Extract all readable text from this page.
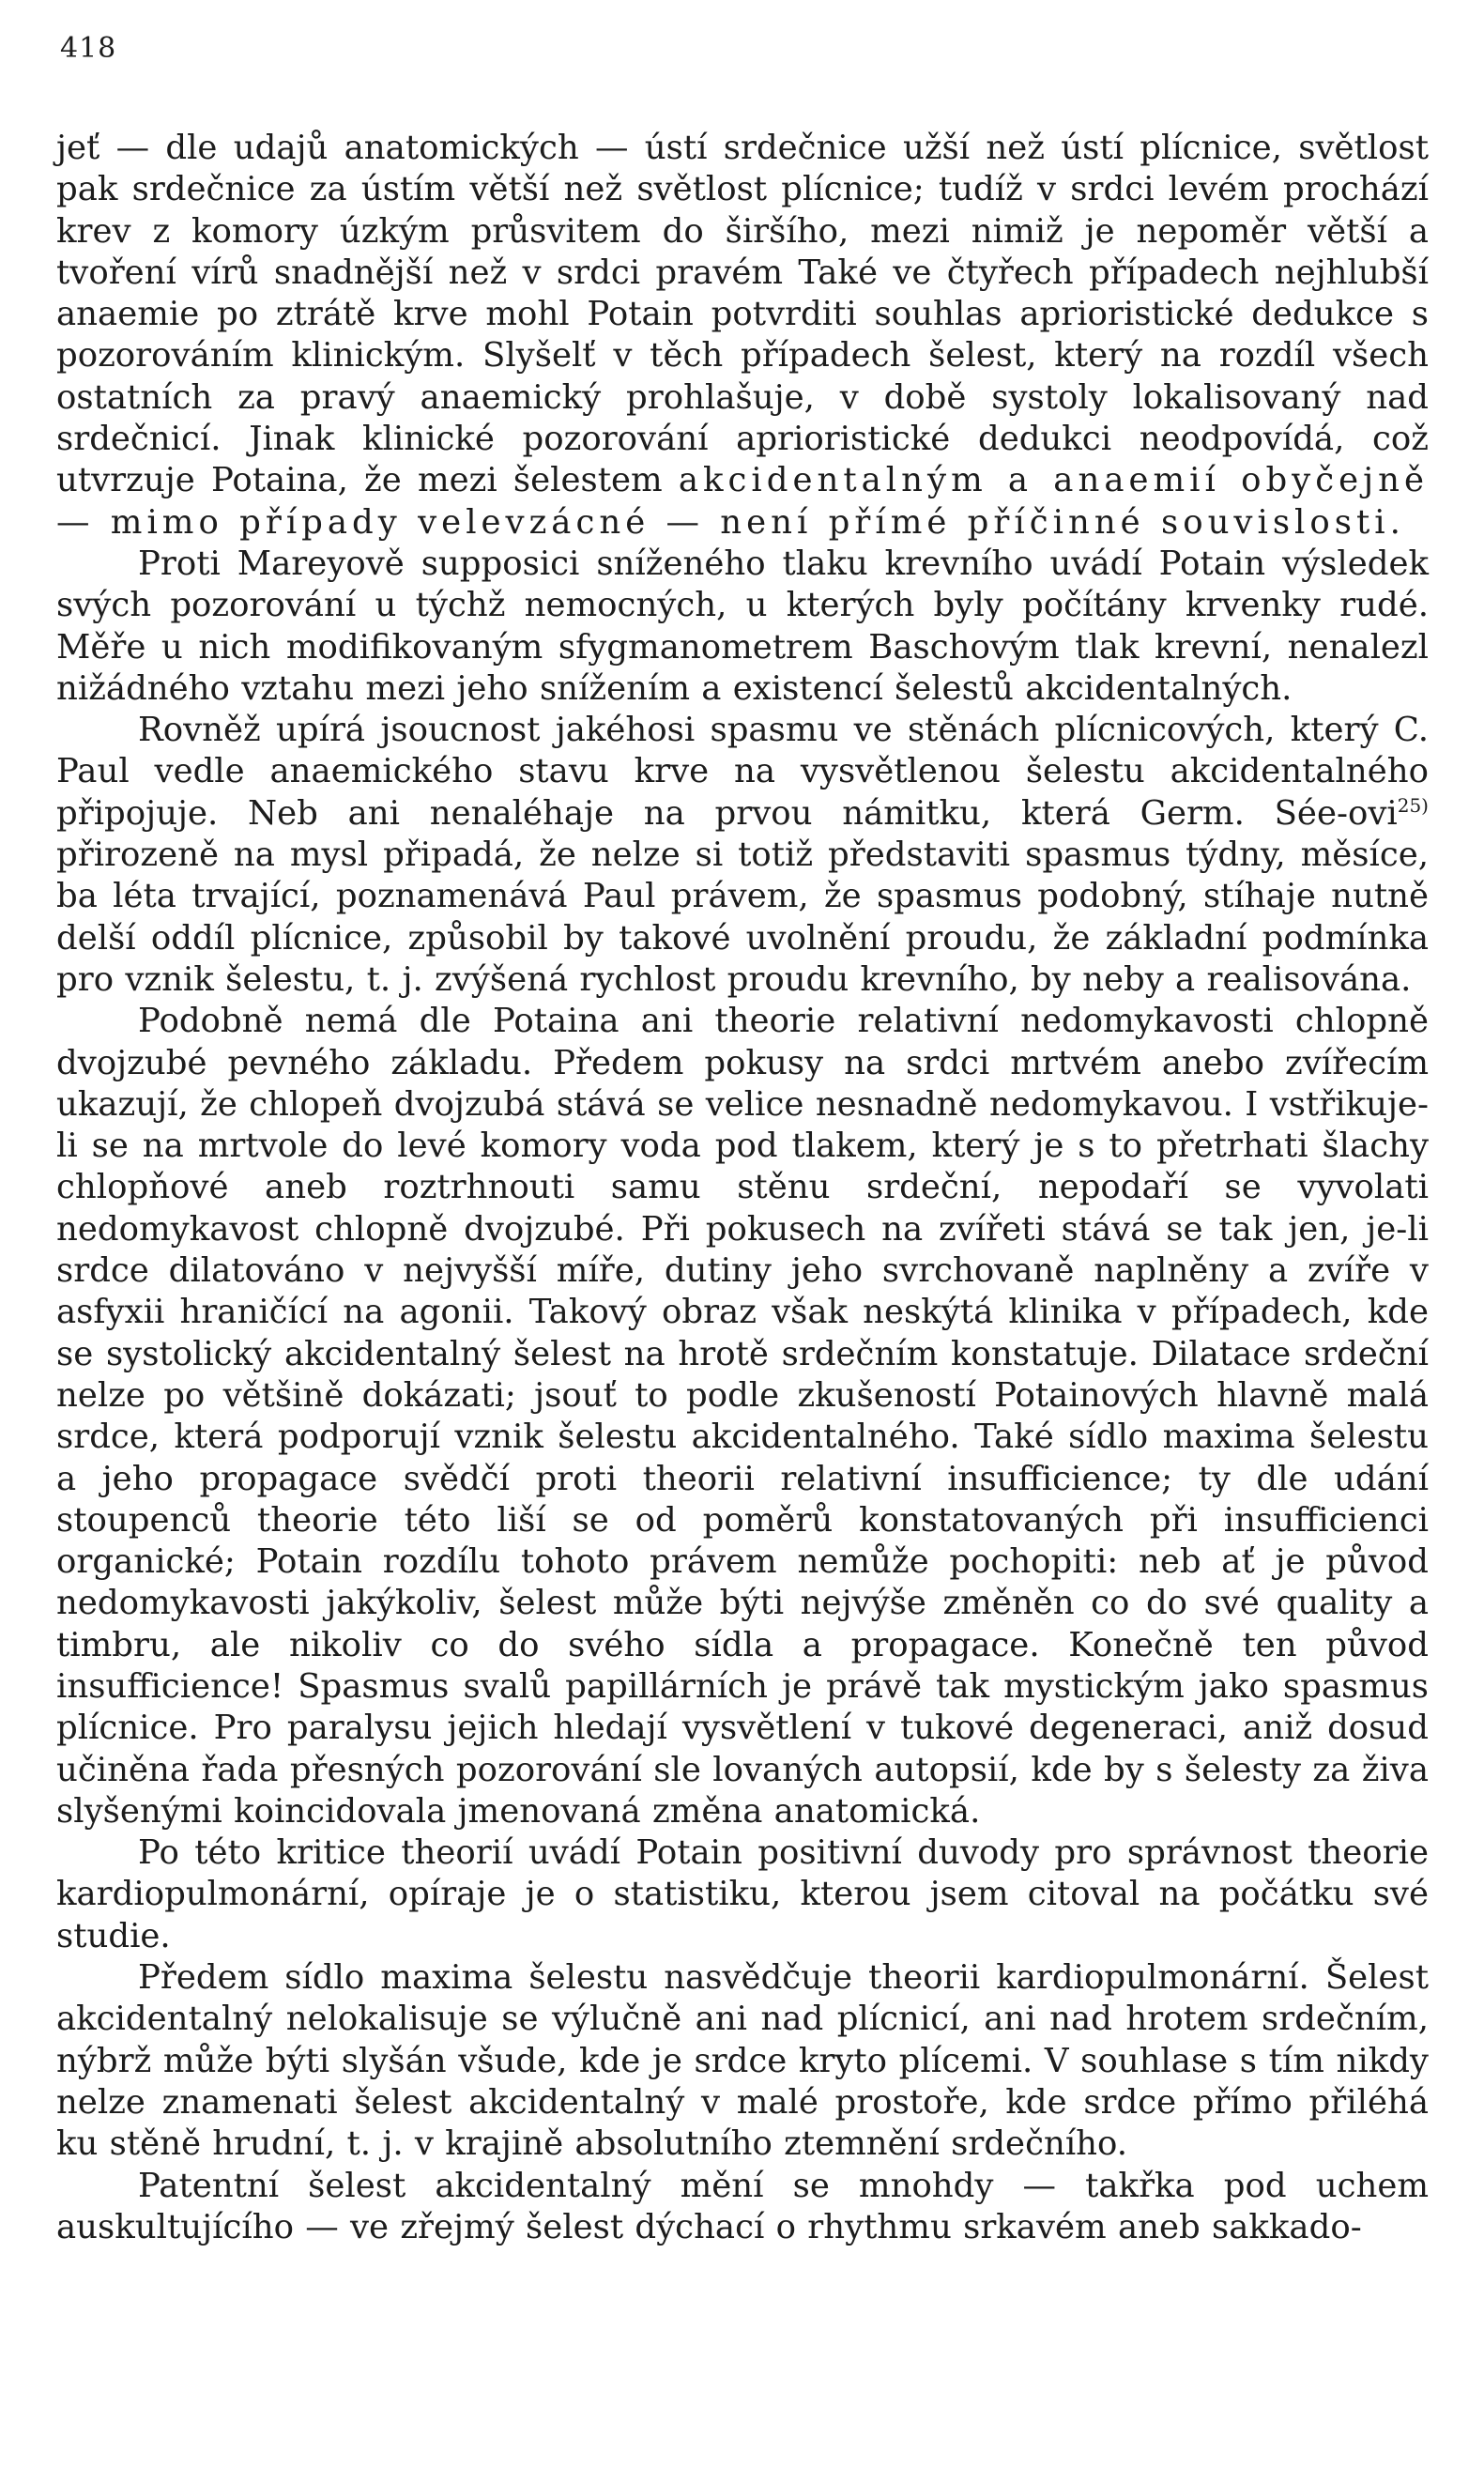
418

jeť — dle udajů anatomických — ústí srdečnice užší než ústí plícnice, světlost pak srdečnice za ústím větší než světlost plícnice; tudíž v srdci levém prochází krev z komory úzkým průsvitem do širšího, mezi nimiž je nepoměr větší a tvoření vírů snadnější než v srdci pravém Také ve čtyřech případech nejhlubší anaemie po ztrátě krve mohl Potain potvrditi souhlas aprioristické dedukce s pozorováním klinickým. Slyšelť v těch případech šelest, který na rozdíl všech ostatních za pravý anaemický prohlašuje, v době systoly lokalisovaný nad srdečnicí. Jinak klinické pozorování aprioristické dedukci neodpovídá, což utvrzuje Potaina, že mezi šelestem akcidentalným a anaemií obyčejně — mimo případy velevzácné — není přímé příčinné souvislosti.

Proti Mareyově supposici sníženého tlaku krevního uvádí Potain výsledek svých pozorování u týchž nemocných, u kterých byly počítány krvenky rudé. Měře u nich modifikovaným sfygmanometrem Baschovým tlak krevní, nenalezl nižádného vztahu mezi jeho snížením a existencí šelestů akcidentalných.

Rovněž upírá jsoucnost jakéhosi spasmu ve stěnách plícnicových, který C. Paul vedle anaemického stavu krve na vysvětlenou šelestu akcidentalného připojuje. Neb ani nenaléhaje na prvou námitku, která Germ. Sée-ovi$^{25)}$ přirozeně na mysl připadá, že nelze si totiž představiti spasmus týdny, měsíce, ba léta trvající, poznamenává Paul právem, že spasmus podobný, stíhaje nutně delší oddíl plícnice, způsobil by takové uvolnění proudu, že základní podmínka pro vznik šelestu, t. j. zvýšená rychlost proudu krevního, by neby a realisována.

Podobně nemá dle Potaina ani theorie relativní nedomykavosti chlopně dvojzubé pevného základu. Předem pokusy na srdci mrtvém anebo zvířecím ukazují, že chlopeň dvojzubá stává se velice nesnadně nedomykavou. I vstřikuje-li se na mrtvole do levé komory voda pod tlakem, který je s to přetrhati šlachy chlopňové aneb roztrhnouti samu stěnu srdeční, nepodaří se vyvolati nedomykavost chlopně dvojzubé. Při pokusech na zvířeti stává se tak jen, je-li srdce dilatováno v nejvyšší míře, dutiny jeho svrchovaně naplněny a zvíře v asfyxii hraničící na agonii. Takový obraz však neskýtá klinika v případech, kde se systolický akcidentalný šelest na hrotě srdečním konstatuje. Dilatace srdeční nelze po většině dokázati; jsouť to podle zkušeností Potainových hlavně malá srdce, která podporují vznik šelestu akcidentalného. Také sídlo maxima šelestu a jeho propagace svědčí proti theorii relativní insufficience; ty dle udání stoupenců theorie této liší se od poměrů konstatovaných při insufficienci organické; Potain rozdílu tohoto právem nemůže pochopiti: neb ať je původ nedomykavosti jakýkoliv, šelest může býti nejvýše změněn co do své quality a timbru, ale nikoliv co do svého sídla a propagace. Konečně ten původ insufficience! Spasmus svalů papillárních je právě tak mystickým jako spasmus plícnice. Pro paralysu jejich hledají vysvětlení v tukové degeneraci, aniž dosud učiněna řada přesných pozorování sle lovaných autopsií, kde by s šelesty za živa slyšenými koincidovala jmenovaná změna anatomická.

Po této kritice theorií uvádí Potain positivní duvody pro správnost theorie kardiopulmonární, opíraje je o statistiku, kterou jsem citoval na počátku své studie.

Předem sídlo maxima šelestu nasvědčuje theorii kardiopulmonární. Šelest akcidentalný nelokalisuje se výlučně ani nad plícnicí, ani nad hrotem srdečním, nýbrž může býti slyšán všude, kde je srdce kryto plícemi. V souhlase s tím nikdy nelze znamenati šelest akcidentalný v malé prostoře, kde srdce přímo přiléhá ku stěně hrudní, t. j. v krajině absolutního ztemnění srdečního.

Patentní šelest akcidentalný mění se mnohdy — takřka pod uchem auskultujícího — ve zřejmý šelest dýchací o rhythmu srkavém aneb sakkado-
